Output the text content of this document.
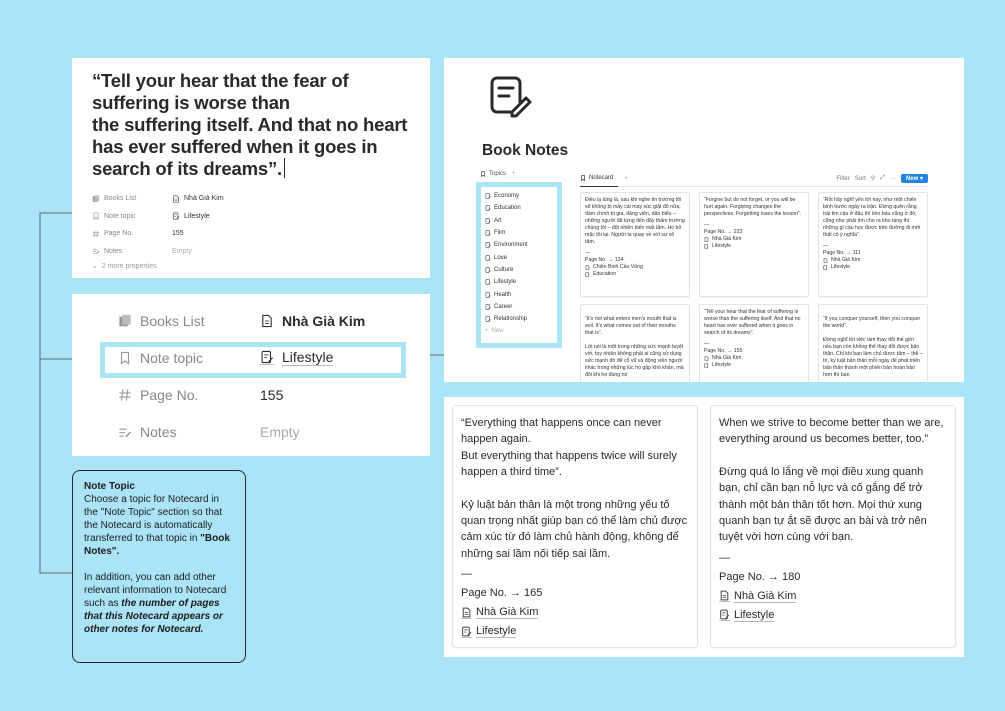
“Tell your hear that the fear of
suffering is worse than
the suffering itself. And that no heart
has ever suffered when it goes in
search of its dreams”.
Books List	Nhà Già Kim
Note topic	Lifestyle
Page No.	155
Notes	Empty
⌄  2 more properties
Books List	Nhà Già Kim
Note topic	Lifestyle
Page No.	155
Notes	Empty
Book Notes
Topics +
Economy
Education
Art
Film
Environment
Love
Culture
Lifestyle
Health
Career
Relationship
+ New
Notecard +	Filter Sort ⚲ ⤢ ···	New ▾

Điều lạ lùng là, sau khi nghe tin trường tôi sẽ không bị mấy cái máy xúc giật đổ nữa, đám chính trị gia, đảng viên, dân biểu – những người đã từng đến đây thăm trường chúng tôi – đột nhiên biến mất tăm. Họ bỏ mặc tôi lại. Người ta quay về với sự vô tâm.

—
Page No. → 124
Chiến Binh Cầu Vồng
Education

“Forgive but do not forget, or you will be hurt again. Forgiving changes the perspectives. Forgetting loses the lesson”.

—
Page No. → 223
Nhà Già Kim
Lifestyle

“Rồi hãy nghĩ yên tới nay, như một chiến binh trước ngày ra trận. Đừng quên rằng trái tim cậu ở đâu thì kho báu cũng ở đó; cũng như phải tìm cho ra kho tàng thì những gì cậu học được trên đường đi mới thật có ý nghĩa”.

—
Page No. → 111
Nhà Già Kim
Lifestyle

“It’s not what enters men’s mouth that is evil. It’s what comes out of their mouths that is”.

Lời nói là một trong những sức mạnh tuyệt vời, tuy nhiên không phải ai cũng sử dụng sức mạnh đó để cổ vũ và động viên người khác trong những lúc họ gặp khó khăn, mà đôi khi họ dùng nó

“Tell your hear that the fear of suffering is worse than the suffering itself. And that no heart has ever suffered when it goes in search of its dreams”.

—
Page No. → 155
Nhà Già Kim
Lifestyle

“If you conquer yourself, then you conquer the world”.

Đừng nghĩ tới việc làm thay đổi thế giới nếu bạn còn không thể thay đổi được bản thân. Chỉ khi bạn làm chủ được tâm – thể – trí, kỷ luật bản thân mỗi ngày để phát triển bản thân thành một phiên bản hoàn hảo hơn thì bạn

“Everything that happens once can never happen again.
But everything that happens twice will surely happen a third time”.
Kỷ luật bản thân là một trong những yếu tố quan trọng nhất giúp bạn có thể làm chủ được cảm xúc từ đó làm chủ hành động, không để những sai lầm nối tiếp sai lầm.
—
Page No. → 165
Nhà Già Kim
Lifestyle
When we strive to become better than we are, everything around us becomes better, too.”
Đừng quá lo lắng về mọi điều xung quanh bạn, chỉ cần bạn nỗ lực và cố gắng để trở thành một bản thân tốt hơn. Mọi thứ xung quanh bạn tự ắt sẽ được an bài và trở nên tuyệt vời hơn cùng với bạn.
—
Page No. → 180
Nhà Già Kim
Lifestyle
Note Topic
Choose a topic for Notecard in the "Note Topic" section so that the Notecard is automatically transferred to that topic in "Book Notes".
In addition, you can add other relevant information to Notecard such as the number of pages that this Notecard appears or other notes for Notecard.
